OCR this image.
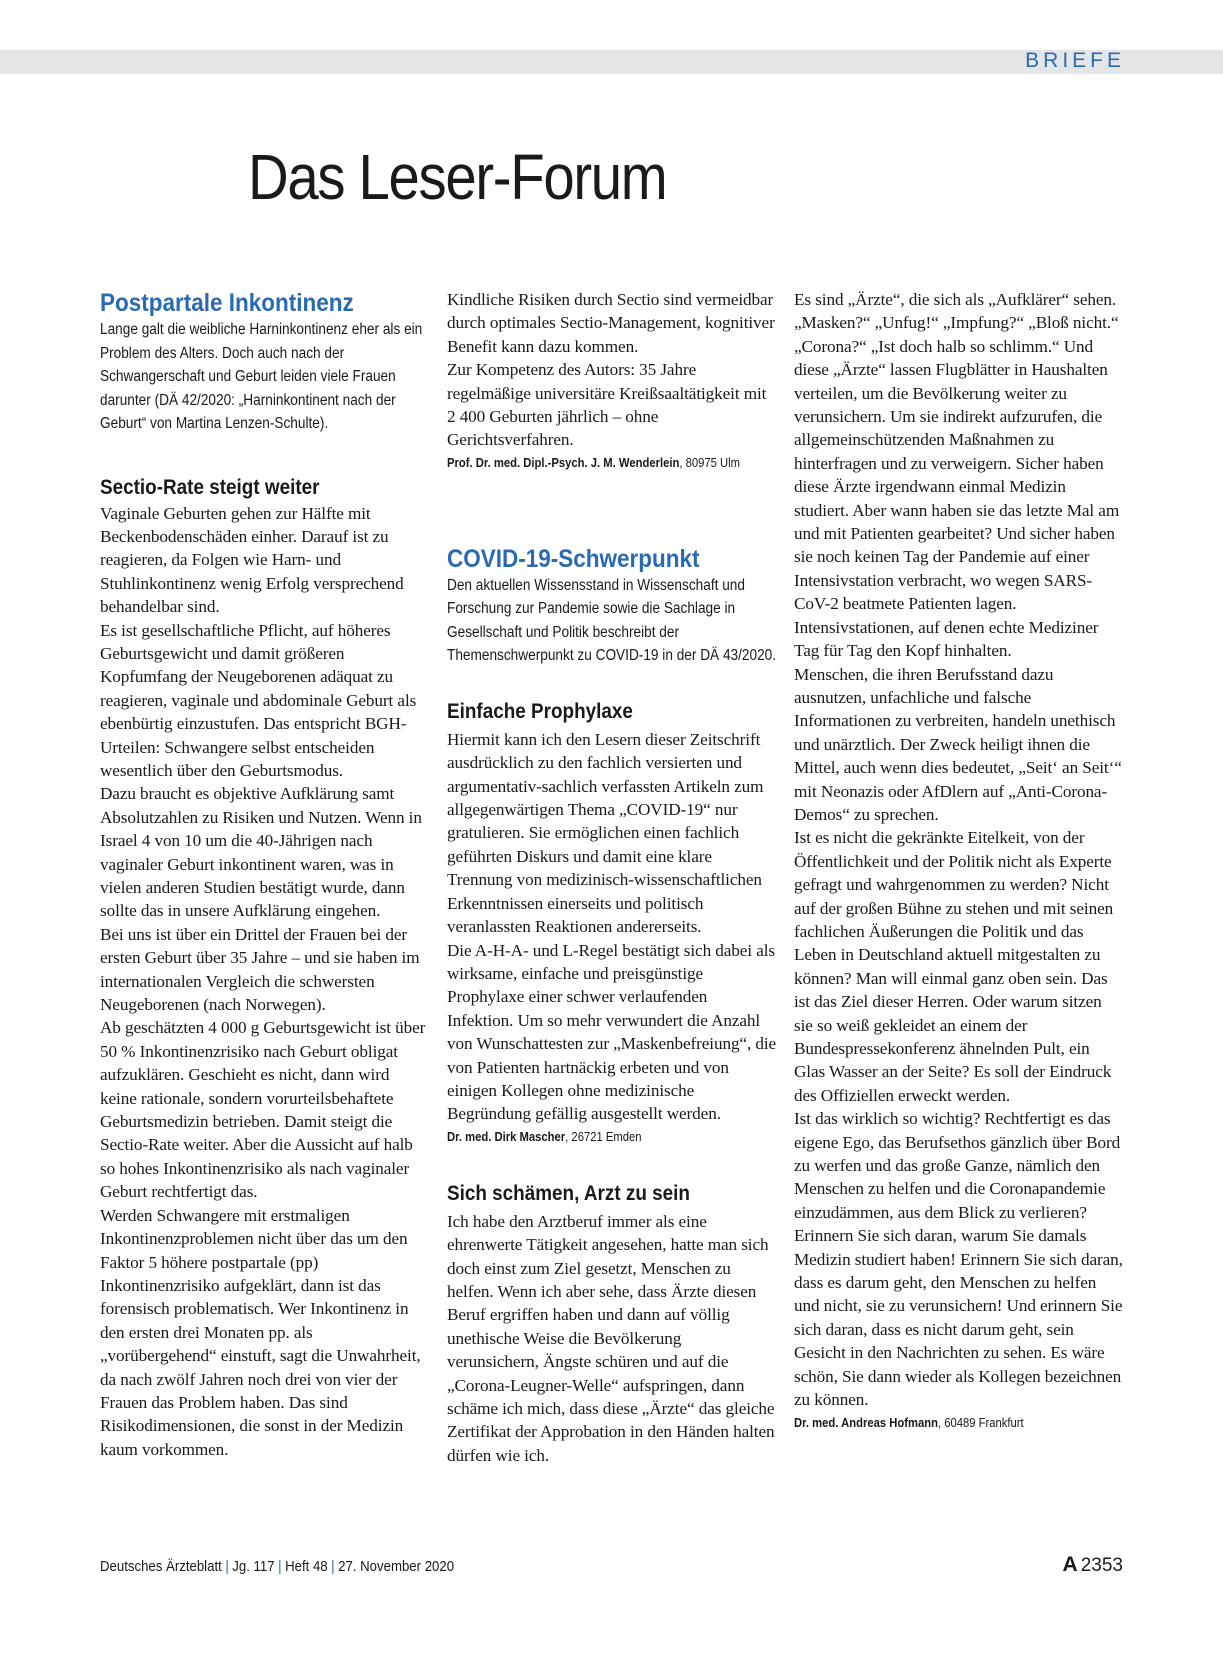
BRIEFE
Das Leser-Forum
Postpartale Inkontinenz

Lange galt die weibliche Harninkontinenz eher als ein Problem des Alters. Doch auch nach der Schwangerschaft und Geburt leiden viele Frauen darunter (DÄ 42/2020: „Harninkontinent nach der Geburt“ von Martina Lenzen-Schulte).

Sectio-Rate steigt weiter

Vaginale Geburten gehen zur Hälfte mit Beckenbodenschäden einher. Darauf ist zu reagieren, da Folgen wie Harn- und Stuhlinkontinenz wenig Erfolg versprechend behandelbar sind.
Es ist gesellschaftliche Pflicht, auf höheres Geburtsgewicht und damit größeren Kopfumfang der Neugeborenen adäquat zu reagieren, vaginale und abdominale Geburt als ebenbürtig einzustufen. Das entspricht BGH-Urteilen: Schwangere selbst entscheiden wesentlich über den Geburtsmodus.
Dazu braucht es objektive Aufklärung samt Absolutzahlen zu Risiken und Nutzen. Wenn in Israel 4 von 10 um die 40-Jährigen nach vaginaler Geburt inkontinent waren, was in vielen anderen Studien bestätigt wurde, dann sollte das in unsere Aufklärung eingehen.
Bei uns ist über ein Drittel der Frauen bei der ersten Geburt über 35 Jahre – und sie haben im internationalen Vergleich die schwersten Neugeborenen (nach Norwegen).
Ab geschätzten 4 000 g Geburtsgewicht ist über 50 % Inkontinenzrisiko nach Geburt obligat aufzuklären. Geschieht es nicht, dann wird keine rationale, sondern vorurteilsbehaftete Geburtsmedizin betrieben. Damit steigt die Sectio-Rate weiter. Aber die Aussicht auf halb so hohes Inkontinenzrisiko als nach vaginaler Geburt rechtfertigt das.
Werden Schwangere mit erstmaligen Inkontinenzproblemen nicht über das um den Faktor 5 höhere postpartale (pp) Inkontinenzrisiko aufgeklärt, dann ist das forensisch problematisch. Wer Inkontinenz in den ersten drei Monaten pp. als „vorübergehend“ einstuft, sagt die Unwahrheit, da nach zwölf Jahren noch drei von vier der Frauen das Problem haben. Das sind Risikodimensionen, die sonst in der Medizin kaum vorkommen.

Kindliche Risiken durch Sectio sind vermeidbar durch optimales Sectio-Management, kognitiver Benefit kann dazu kommen.
Zur Kompetenz des Autors: 35 Jahre regelmäßige universitäre Kreißsaaltätigkeit mit 2 400 Geburten jährlich – ohne Gerichtsverfahren.

Prof. Dr. med. Dipl.-Psych. J. M. Wenderlein, 80975 Ulm

COVID-19-Schwerpunkt

Den aktuellen Wissensstand in Wissenschaft und Forschung zur Pandemie sowie die Sachlage in Gesellschaft und Politik beschreibt der Themenschwerpunkt zu COVID-19 in der DÄ 43/2020.

Einfache Prophylaxe

Hiermit kann ich den Lesern dieser Zeitschrift ausdrücklich zu den fachlich versierten und argumentativ-sachlich verfassten Artikeln zum allgegenwärtigen Thema „COVID-19“ nur gratulieren. Sie ermöglichen einen fachlich geführten Diskurs und damit eine klare Trennung von medizinisch-wissenschaftlichen Erkenntnissen einerseits und politisch veranlassten Reaktionen andererseits.
Die A-H-A- und L-Regel bestätigt sich dabei als wirksame, einfache und preisgünstige Prophylaxe einer schwer verlaufenden Infektion. Um so mehr verwundert die Anzahl von Wunschattesten zur „Maskenbefreiung“, die von Patienten hartnäckig erbeten und von einigen Kollegen ohne medizinische Begründung gefällig ausgestellt werden.

Dr. med. Dirk Mascher, 26721 Emden

Sich schämen, Arzt zu sein

Ich habe den Arztberuf immer als eine ehrenwerte Tätigkeit angesehen, hatte man sich doch einst zum Ziel gesetzt, Menschen zu helfen. Wenn ich aber sehe, dass Ärzte diesen Beruf ergriffen haben und dann auf völlig unethische Weise die Bevölkerung verunsichern, Ängste schüren und auf die „Corona-Leugner-Welle“ aufspringen, dann schäme ich mich, dass diese „Ärzte“ das gleiche Zertifikat der Approbation in den Händen halten dürfen wie ich.

Es sind „Ärzte“, die sich als „Aufklärer“ sehen. „Masken?“ „Unfug!“ „Impfung?“ „Bloß nicht.“ „Corona?“ „Ist doch halb so schlimm.“ Und diese „Ärzte“ lassen Flugblätter in Haushalten verteilen, um die Bevölkerung weiter zu verunsichern. Um sie indirekt aufzurufen, die allgemeinschützenden Maßnahmen zu hinterfragen und zu verweigern. Sicher haben diese Ärzte irgendwann einmal Medizin studiert. Aber wann haben sie das letzte Mal am und mit Patienten gearbeitet? Und sicher haben sie noch keinen Tag der Pandemie auf einer Intensivstation verbracht, wo wegen SARS-CoV-2 beatmete Patienten lagen. Intensivstationen, auf denen echte Mediziner Tag für Tag den Kopf hinhalten.
Menschen, die ihren Berufsstand dazu ausnutzen, unfachliche und falsche Informationen zu verbreiten, handeln unethisch und unärztlich. Der Zweck heiligt ihnen die Mittel, auch wenn dies bedeutet, „Seit‘ an Seit‘“ mit Neonazis oder AfDlern auf „Anti-Corona-Demos“ zu sprechen.
Ist es nicht die gekränkte Eitelkeit, von der Öffentlichkeit und der Politik nicht als Experte gefragt und wahrgenommen zu werden? Nicht auf der großen Bühne zu stehen und mit seinen fachlichen Äußerungen die Politik und das Leben in Deutschland aktuell mitgestalten zu können? Man will einmal ganz oben sein. Das ist das Ziel dieser Herren. Oder warum sitzen sie so weiß gekleidet an einem der Bundespressekonferenz ähnelnden Pult, ein Glas Wasser an der Seite? Es soll der Eindruck des Offiziellen erweckt werden.
Ist das wirklich so wichtig? Rechtfertigt es das eigene Ego, das Berufsethos gänzlich über Bord zu werfen und das große Ganze, nämlich den Menschen zu helfen und die Coronapandemie einzudämmen, aus dem Blick zu verlieren?
Erinnern Sie sich daran, warum Sie damals Medizin studiert haben! Erinnern Sie sich daran, dass es darum geht, den Menschen zu helfen und nicht, sie zu verunsichern! Und erinnern Sie sich daran, dass es nicht darum geht, sein Gesicht in den Nachrichten zu sehen. Es wäre schön, Sie dann wieder als Kollegen bezeichnen zu können.

Dr. med. Andreas Hofmann, 60489 Frankfurt

Deutsches Ärzteblatt | Jg. 117 | Heft 48 | 27. November 2020	A 2353
